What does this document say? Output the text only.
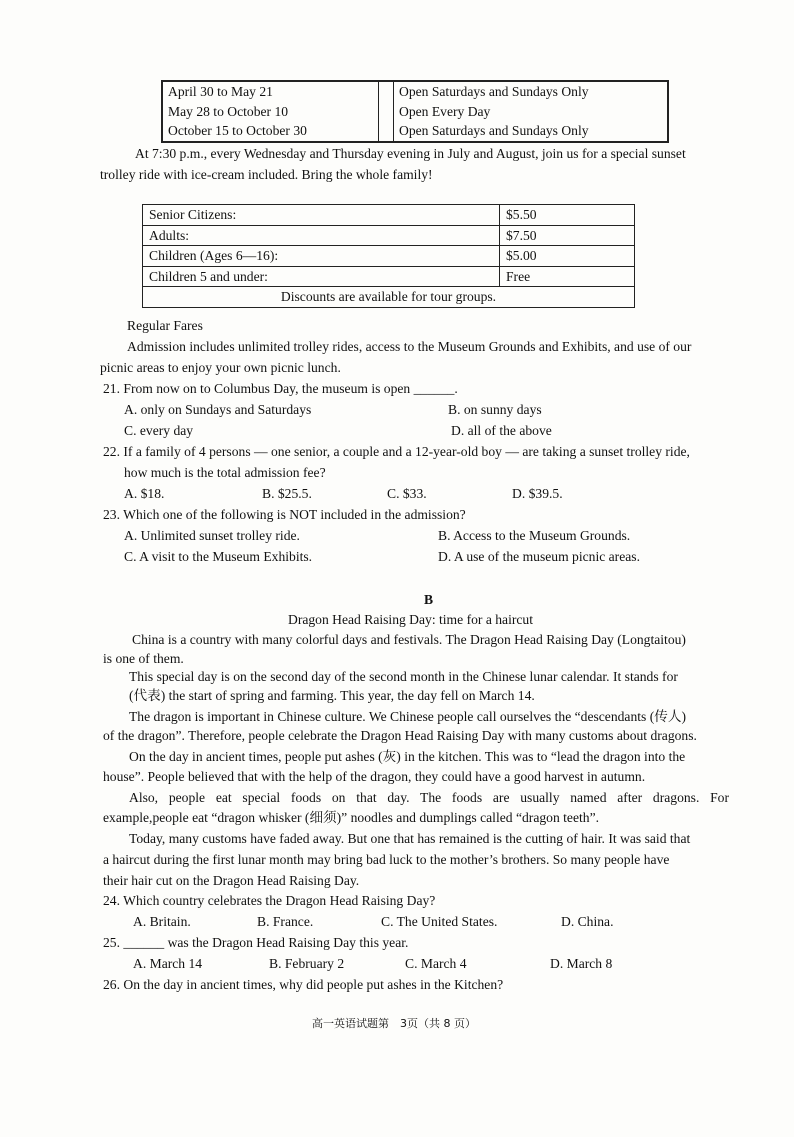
April 30 to May 21		Open Saturdays and Sundays Only
May 28 to October 10		Open Every Day
October 15 to October 30		Open Saturdays and Sundays Only
At 7:30 p.m., every Wednesday and Thursday evening in July and August, join us for a special sunset
trolley ride with ice-cream included. Bring the whole family!
Senior Citizens:	$5.50
Adults:	$7.50
Children (Ages 6—16):	$5.00
Children 5 and under:	Free
Discounts are available for tour groups.	
Regular Fares
Admission includes unlimited trolley rides, access to the Museum Grounds and Exhibits, and use of our
picnic areas to enjoy your own picnic lunch.
21. From now on to Columbus Day, the museum is open ______.
A. only on Sundays and Saturdays	B. on sunny days
C. every day	D. all of the above
22. If a family of 4 persons — one senior, a couple and a 12-year-old boy — are taking a sunset trolley ride,
how much is the total admission fee?
A. $18.	B. $25.5.	C. $33.	D. $39.5.
23. Which one of the following is NOT included in the admission?
A. Unlimited sunset trolley ride.	B. Access to the Museum Grounds.
C. A visit to the Museum Exhibits.	D. A use of the museum picnic areas.
B
Dragon Head Raising Day: time for a haircut
China is a country with many colorful days and festivals. The Dragon Head Raising Day (Longtaitou)
is one of them.
This special day is on the second day of the second month in the Chinese lunar calendar. It stands for
(代表) the start of spring and farming. This year, the day fell on March 14.
The dragon is important in Chinese culture. We Chinese people call ourselves the “descendants (传人)
of the dragon”. Therefore, people celebrate the Dragon Head Raising Day with many customs about dragons.
On the day in ancient times, people put ashes (灰) in the kitchen. This was to “lead the dragon into the
house”. People believed that with the help of the dragon, they could have a good harvest in autumn.
Also, people eat special foods on that day. The foods are usually named after dragons. For
example,people eat “dragon whisker (细须)” noodles and dumplings called “dragon teeth”.
Today, many customs have faded away. But one that has remained is the cutting of hair. It was said that
a haircut during the first lunar month may bring bad luck to the mother’s brothers. So many people have
their hair cut on the Dragon Head Raising Day.
24. Which country celebrates the Dragon Head Raising Day?
A. Britain.	B. France.	C. The United States.	D. China.
25. ______ was the Dragon Head Raising Day this year.
A. March 14	B. February 2	C. March 4	D. March 8
26. On the day in ancient times, why did people put ashes in the Kitchen?
高一英语试题第　3页（共 8 页）
